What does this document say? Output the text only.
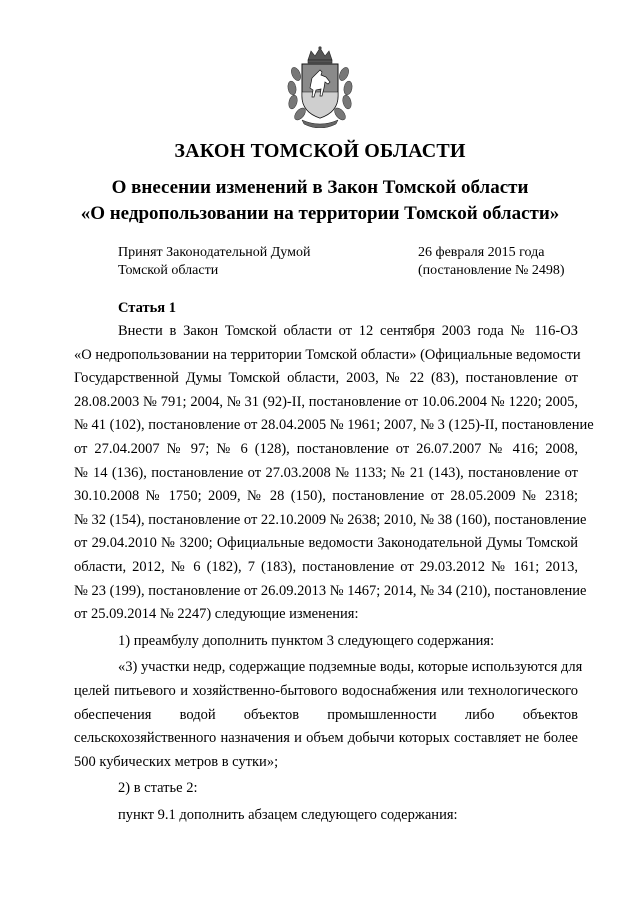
ЗАКОН ТОМСКОЙ ОБЛАСТИ
О внесении изменений в Закон Томской области
«О недропользовании на территории Томской области»
Принят Законодательной Думой
Томской области
26 февраля 2015 года
(постановление № 2498)
Статья 1
Внести в Закон Томской области от 12 сентября 2003 года № 116-ОЗ
«О недропользовании на территории Томской области» (Официальные ведомости
Государственной Думы Томской области, 2003, № 22 (83), постановление от
28.08.2003 № 791; 2004, № 31 (92)-II, постановление от 10.06.2004 № 1220; 2005,
№ 41 (102), постановление от 28.04.2005 № 1961; 2007, № 3 (125)-II, постановление
от 27.04.2007 № 97; № 6 (128), постановление от 26.07.2007 № 416; 2008,
№ 14 (136), постановление от 27.03.2008 № 1133; № 21 (143), постановление от
30.10.2008 № 1750; 2009, № 28 (150), постановление от 28.05.2009 № 2318;
№ 32 (154), постановление от 22.10.2009 № 2638; 2010, № 38 (160), постановление
от 29.04.2010 № 3200; Официальные ведомости Законодательной Думы Томской
области, 2012, № 6 (182), 7 (183), постановление от 29.03.2012 № 161; 2013,
№ 23 (199), постановление от 26.09.2013 № 1467; 2014, № 34 (210), постановление
от 25.09.2014 № 2247) следующие изменения:
1) преамбулу дополнить пунктом 3 следующего содержания:
«3) участки недр, содержащие подземные воды, которые используются для
целей питьевого и хозяйственно-бытового водоснабжения или технологического
обеспечения водой объектов промышленности либо объектов
сельскохозяйственного назначения и объем добычи которых составляет не более
500 кубических метров в сутки»;
2) в статье 2:
пункт 9.1 дополнить абзацем следующего содержания:
